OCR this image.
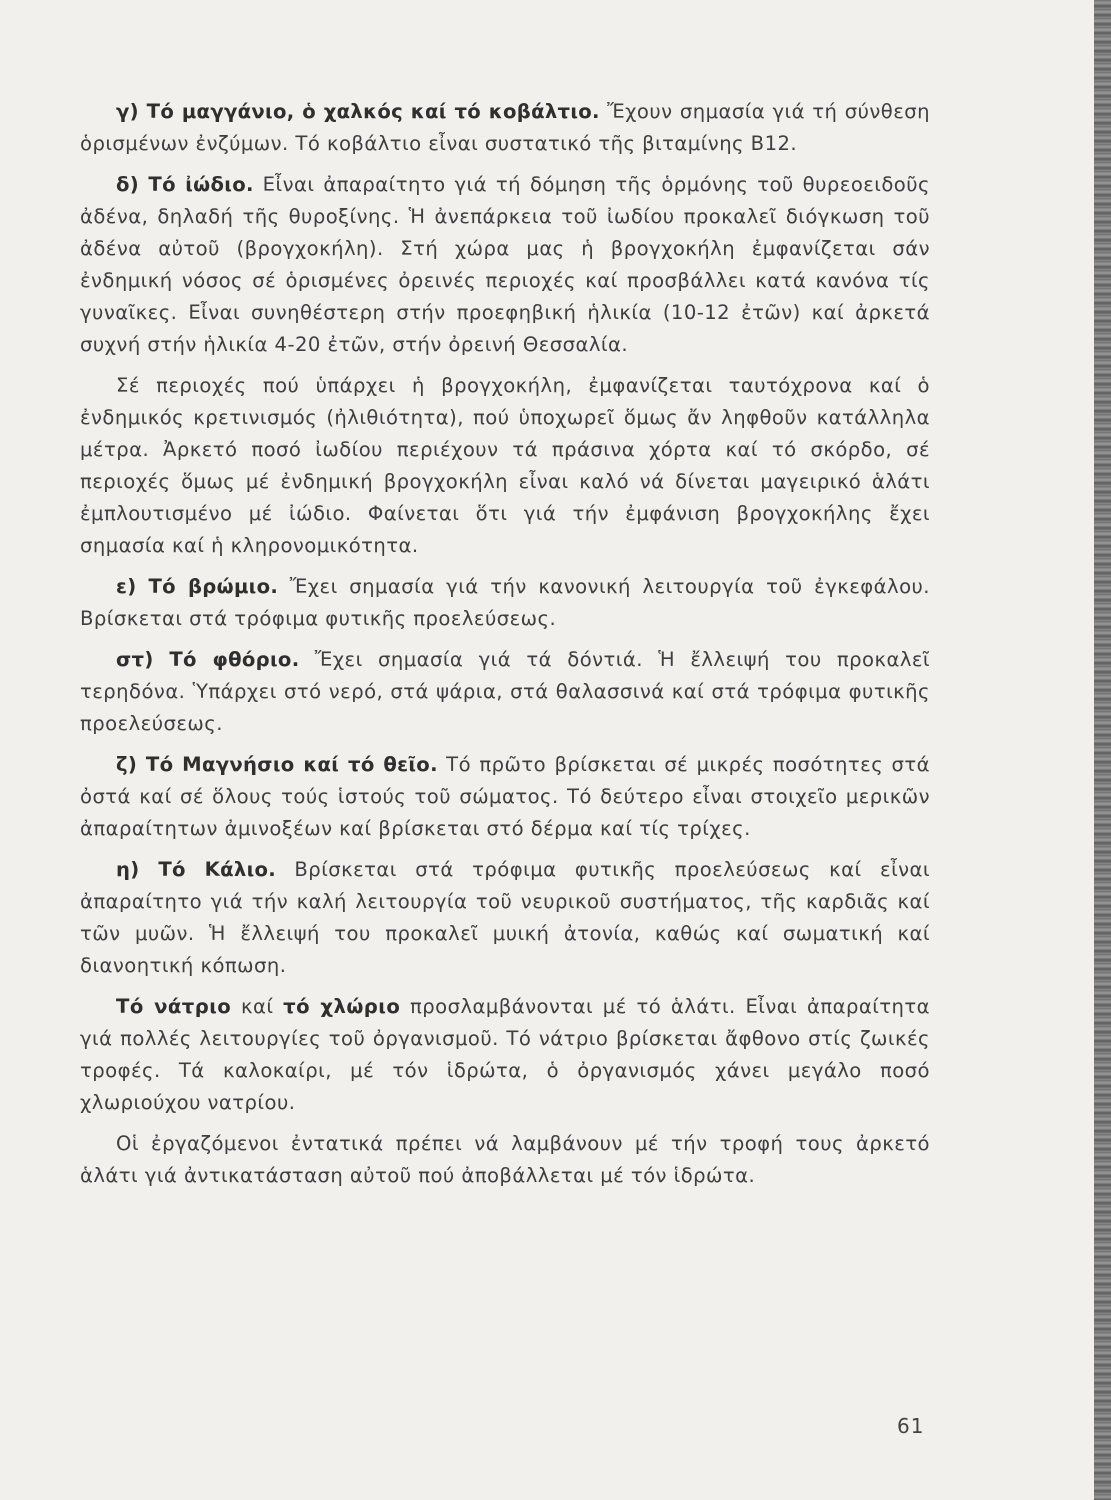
γ) Τό μαγγάνιο, ὁ χαλκός καί τό κοβάλτιο. Ἔχουν σημασία γιά τή σύνθεση ὁρισμένων ἐνζύμων. Τό κοβάλτιο εἶναι συστατικό τῆς βιταμίνης Β12.

δ) Τό ἰώδιο. Εἶναι ἀπαραίτητο γιά τή δόμηση τῆς ὁρμόνης τοῦ θυρεοειδοῦς ἀδένα, δηλαδή τῆς θυροξίνης. Ἡ ἀνεπάρκεια τοῦ ἰωδίου προκαλεῖ διόγκωση τοῦ ἀδένα αὐτοῦ (βρογχοκήλη). Στή χώρα μας ἡ βρογχοκήλη ἐμφανίζεται σάν ἐνδημική νόσος σέ ὁρισμένες ὀρεινές περιοχές καί προσβάλλει κατά κανόνα τίς γυναῖκες. Εἶναι συνηθέστερη στήν προεφηβική ἡλικία (10-12 ἐτῶν) καί ἀρκετά συχνή στήν ἡλικία 4-20 ἐτῶν, στήν ὀρεινή Θεσσαλία.

Σέ περιοχές πού ὑπάρχει ἡ βρογχοκήλη, ἐμφανίζεται ταυτόχρονα καί ὁ ἐνδημικός κρετινισμός (ἠλιθιότητα), πού ὑποχωρεῖ ὅμως ἄν ληφθοῦν κατάλληλα μέτρα. Ἀρκετό ποσό ἰωδίου περιέχουν τά πράσινα χόρτα καί τό σκόρδο, σέ περιοχές ὅμως μέ ἐνδημική βρογχοκήλη εἶναι καλό νά δίνεται μαγειρικό ἁλάτι ἐμπλουτισμένο μέ ἰώδιο. Φαίνεται ὅτι γιά τήν ἐμφάνιση βρογχοκήλης ἔχει σημασία καί ἡ κληρονομικότητα.

ε) Τό βρώμιο. Ἔχει σημασία γιά τήν κανονική λειτουργία τοῦ ἐγκεφάλου. Βρίσκεται στά τρόφιμα φυτικῆς προελεύσεως.

στ) Τό φθόριο. Ἔχει σημασία γιά τά δόντιά. Ἡ ἔλλειψή του προκαλεῖ τερηδόνα. Ὑπάρχει στό νερό, στά ψάρια, στά θαλασσινά καί στά τρόφιμα φυτικῆς προελεύσεως.

ζ) Τό Μαγνήσιο καί τό θεῖο. Τό πρῶτο βρίσκεται σέ μικρές ποσότητες στά ὀστά καί σέ ὅλους τούς ἱστούς τοῦ σώματος. Τό δεύτερο εἶναι στοιχεῖο μερικῶν ἀπαραίτητων ἀμινοξέων καί βρίσκεται στό δέρμα καί τίς τρίχες.

η) Τό Κάλιο. Βρίσκεται στά τρόφιμα φυτικῆς προελεύσεως καί εἶναι ἀπαραίτητο γιά τήν καλή λειτουργία τοῦ νευρικοῦ συστήματος, τῆς καρδιᾶς καί τῶν μυῶν. Ἡ ἔλλειψή του προκαλεῖ μυική ἀτονία, καθώς καί σωματική καί διανοητική κόπωση.

Τό νάτριο καί τό χλώριο προσλαμβάνονται μέ τό ἁλάτι. Εἶναι ἀπαραίτητα γιά πολλές λειτουργίες τοῦ ὀργανισμοῦ. Τό νάτριο βρίσκεται ἄφθονο στίς ζωικές τροφές. Τά καλοκαίρι, μέ τόν ἱδρώτα, ὁ ὀργανισμός χάνει μεγάλο ποσό χλωριούχου νατρίου.

Οἱ ἐργαζόμενοι ἐντατικά πρέπει νά λαμβάνουν μέ τήν τροφή τους ἀρκετό ἁλάτι γιά ἀντικατάσταση αὐτοῦ πού ἀποβάλλεται μέ τόν ἱδρώτα.

61
